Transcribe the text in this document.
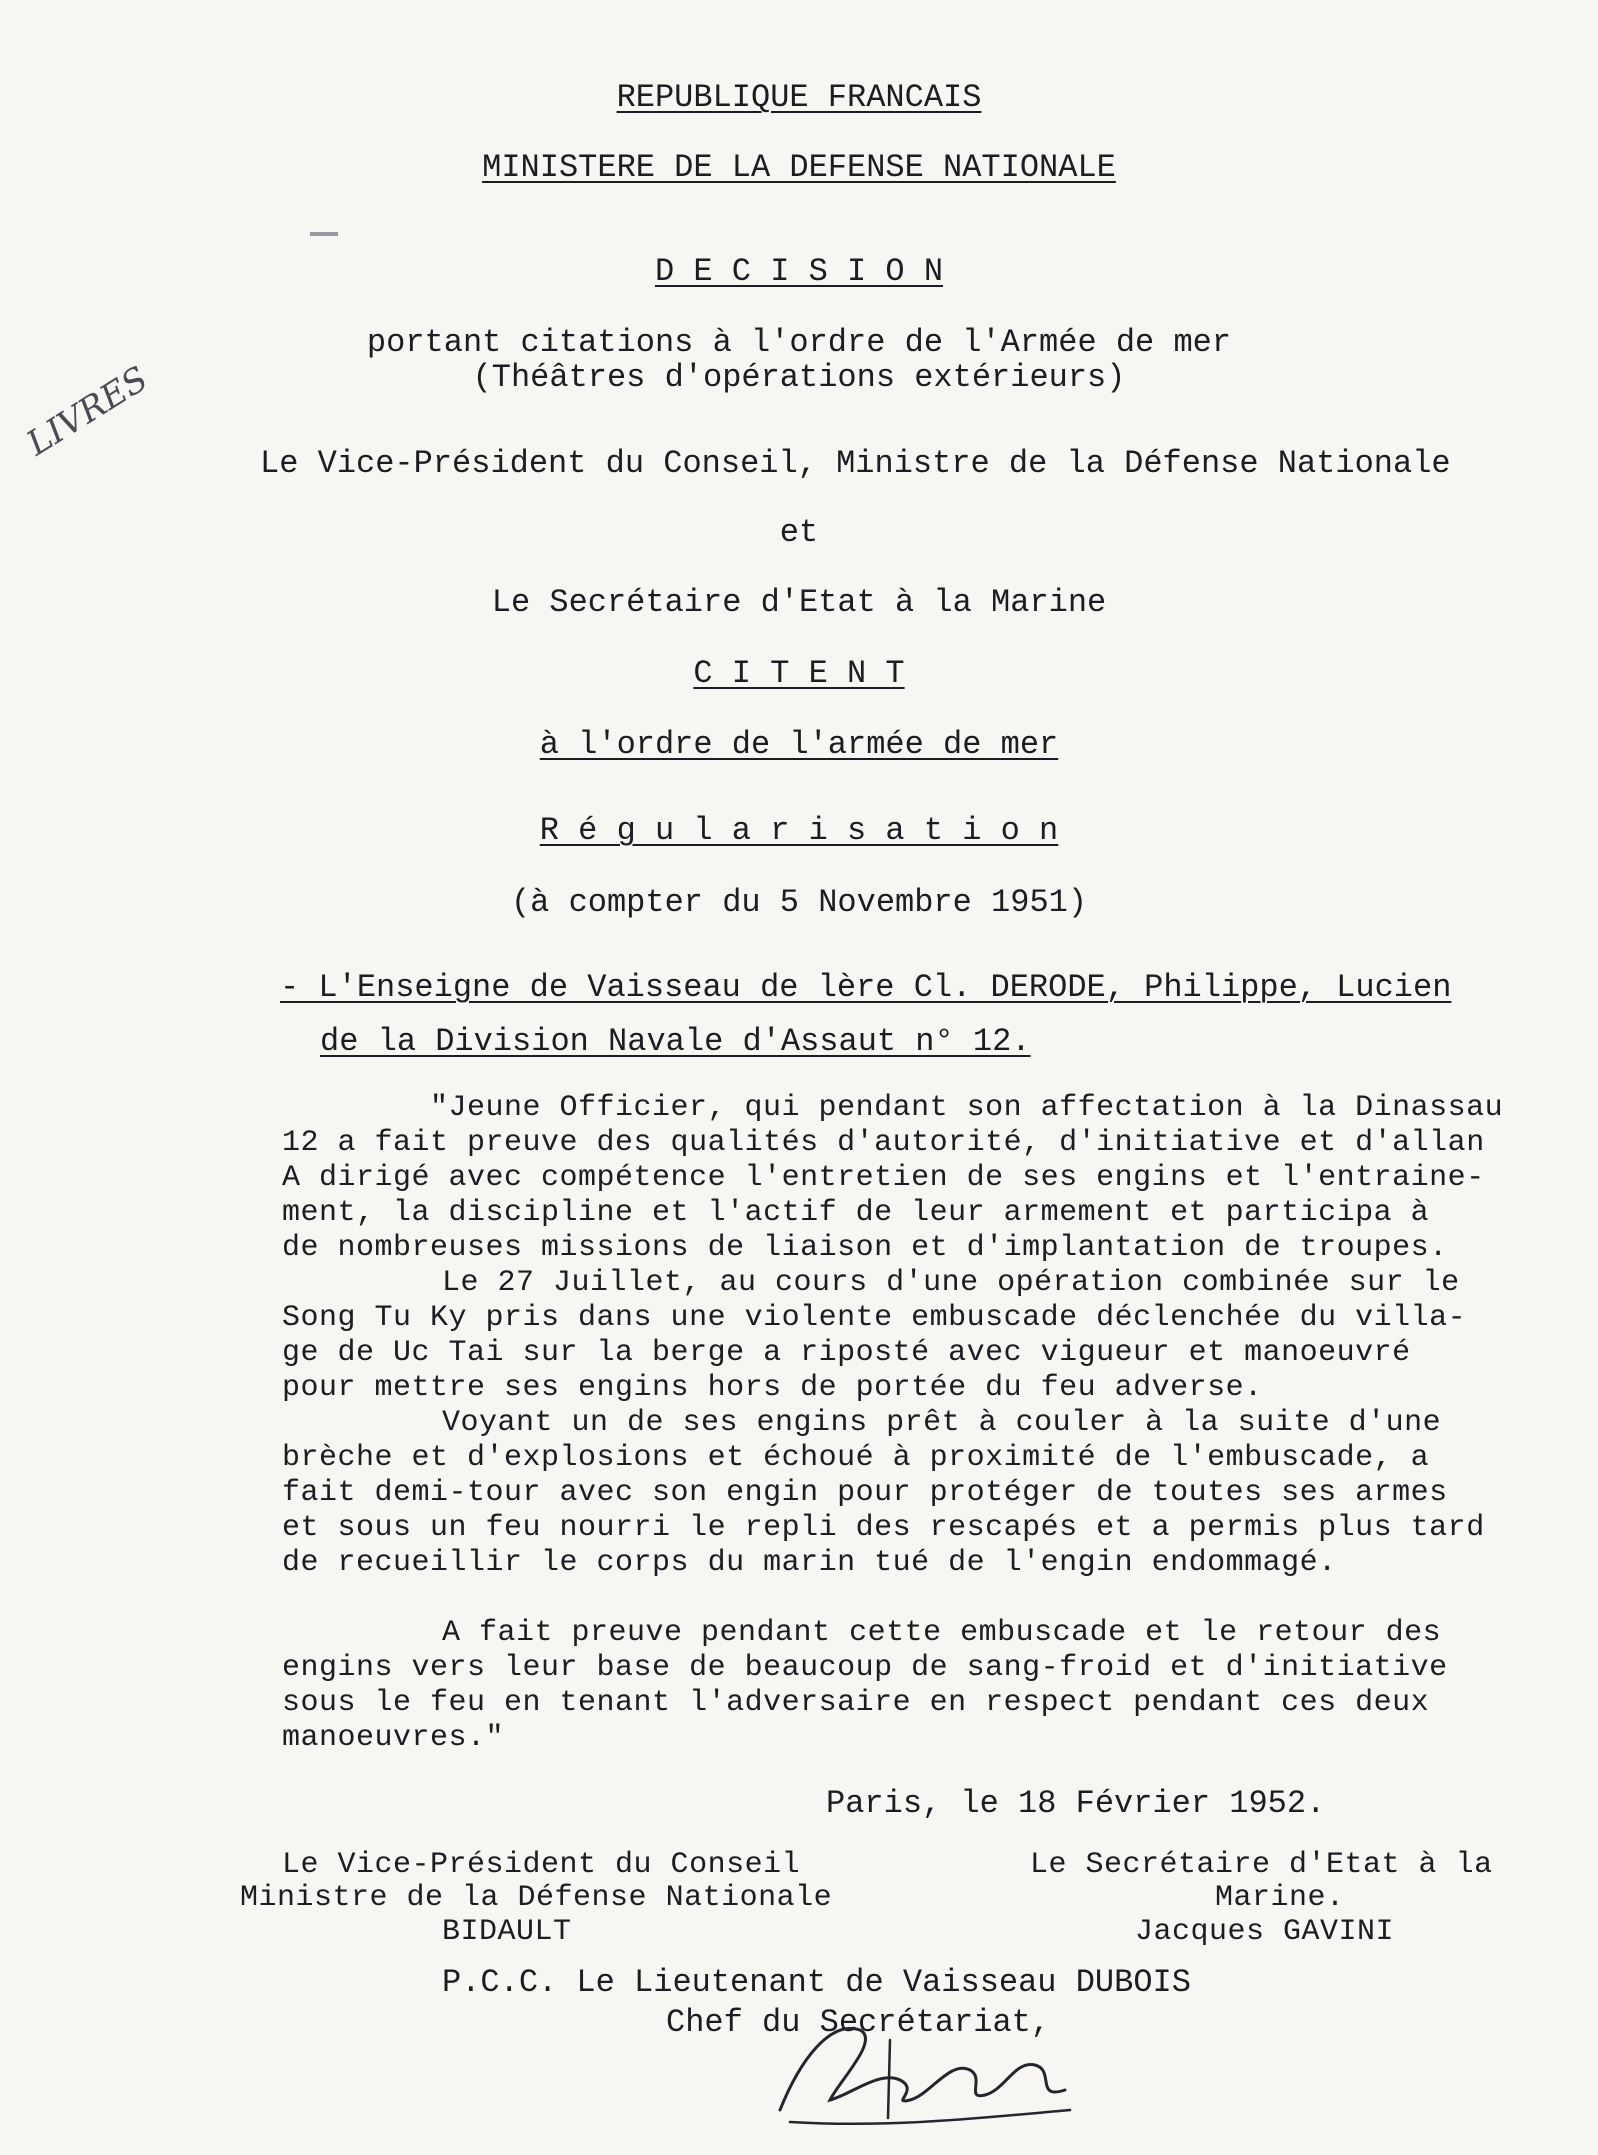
REPUBLIQUE FRANCAIS
MINISTERE DE LA DEFENSE NATIONALE
D E C I S I O N
portant citations à l'ordre de l'Armée de mer
(Théâtres d'opérations extérieurs)
LIVRES	Le Vice-Président du Conseil, Ministre de la Défense Nationale
et
Le Secrétaire d'Etat à la Marine
C I T E N T
à l'ordre de l'armée de mer
R é g u l a r i s a t i o n
(à compter du 5 Novembre 1951)
- L'Enseigne de Vaisseau de lère Cl. DERODE, Philippe, Lucien
de la Division Navale d'Assaut n° 12.
"Jeune Officier, qui pendant son affectation à la Dinassau
12 a fait preuve des qualités d'autorité, d'initiative et d'allan
A dirigé avec compétence l'entretien de ses engins et l'entraine-
ment, la discipline et l'actif de leur armement et participa à
de nombreuses missions de liaison et d'implantation de troupes.
Le 27 Juillet, au cours d'une opération combinée sur le
Song Tu Ky pris dans une violente embuscade déclenchée du villa-
ge de Uc Tai sur la berge a riposté avec vigueur et manoeuvré
pour mettre ses engins hors de portée du feu adverse.
Voyant un de ses engins prêt à couler à la suite d'une
brèche et d'explosions et échoué à proximité de l'embuscade, a
fait demi-tour avec son engin pour protéger de toutes ses armes
et sous un feu nourri le repli des rescapés et a permis plus tard
de recueillir le corps du marin tué de l'engin endommagé.
A fait preuve pendant cette embuscade et le retour des
engins vers leur base de beaucoup de sang-froid et d'initiative
sous le feu en tenant l'adversaire en respect pendant ces deux
manoeuvres."
Paris, le 18 Février 1952.
Le Vice-Président du Conseil
Ministre de la Défense Nationale
BIDAULT
Le Secrétaire d'Etat à la
Marine.
Jacques GAVINI
P.C.C. Le Lieutenant de Vaisseau DUBOIS
Chef du Secrétariat,
